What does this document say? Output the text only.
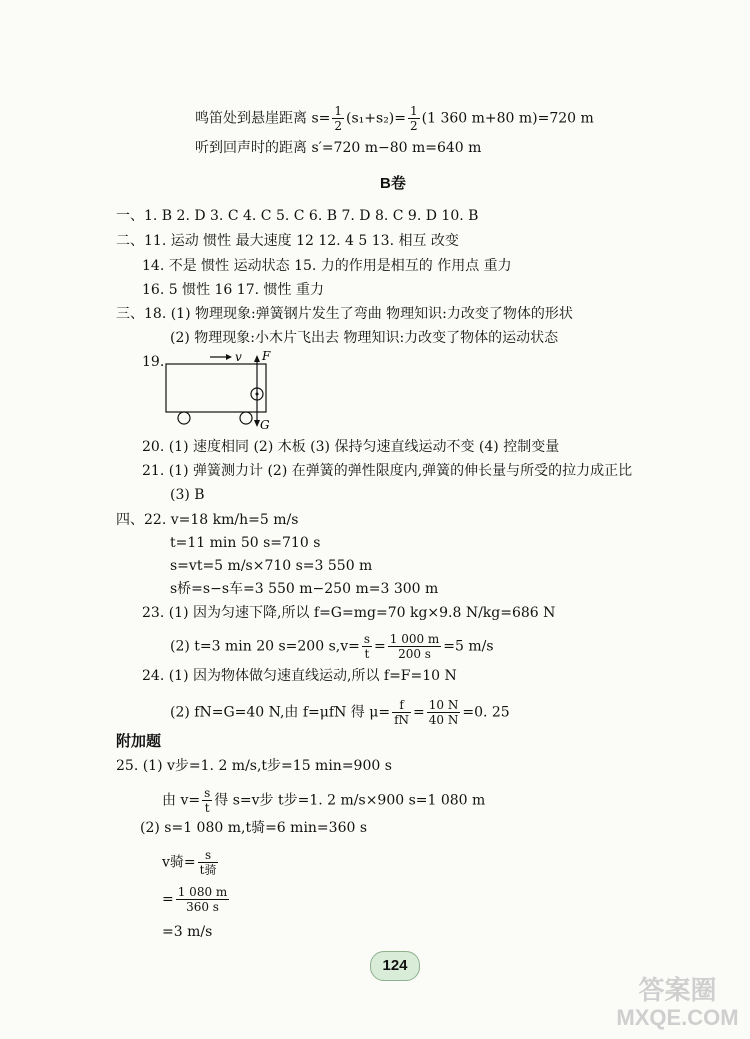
鸣笛处到悬崖距离 $s= \frac{1}{2} (s_1+s_2)= \frac{1}{2} (1$ 360 m+80 m)=720 m
听到回声时的距离 s′=720 m−80 m=640 m
B卷
一、1. B 2. D 3. C 4. C 5. C 6. B 7. D 8. C 9. D 10. B
二、11. 运动 惯性 最大速度 12 12. 4 5 13. 相互 改变
14. 不是 惯性 运动状态 15. 力的作用是相互的 作用点 重力
16. 5 惯性 16 17. 惯性 重力
三、18. (1) 物理现象:弹簧钢片发生了弯曲 物理知识:力改变了物体的形状
(2) 物理现象:小木片飞出去 物理知识:力改变了物体的运动状态
19.	v F
G
20. (1) 速度相同 (2) 木板 (3) 保持匀速直线运动不变 (4) 控制变量
21. (1) 弹簧测力计 (2) 在弹簧的弹性限度内,弹簧的伸长量与所受的拉力成正比
(3) B
四、22. v=18 km/h=5 m/s
t=11 min 50 s=710 s
s=vt=5 m/s×710 s=3 550 m
s桥=s−s车=3 550 m−250 m=3 300 m
23. (1) 因为匀速下降,所以 f=G=mg=70 kg×9.8 N/kg=686 N
(2) t=3 min 20 s=200 $s,v= \frac{s}{t} = \frac{1 000 m}{200 s} =5$ m/s
24. (1) 因为物体做匀速直线运动,所以 f=F=10 N
(2) fN=G=40 N,由 f=μfN 得 $\mu= \frac{f}{fN} = \frac{10 N}{40 N} =0$. 25
附加题
25. (1) v步=1. 2 m/s,t步=15 min=900 s
由 $v= \frac{s}{t}$ 得 s=v步 t步=1. 2 m/s×900 s=1 080 m
(2) s=1 080 m,t骑=6 min=360 s
v骑= $\frac{s}{\text{t骑}}$
= $\frac{1 080 m}{360 s}$
=3 m/s
124
答案圈
MXQE.COM
